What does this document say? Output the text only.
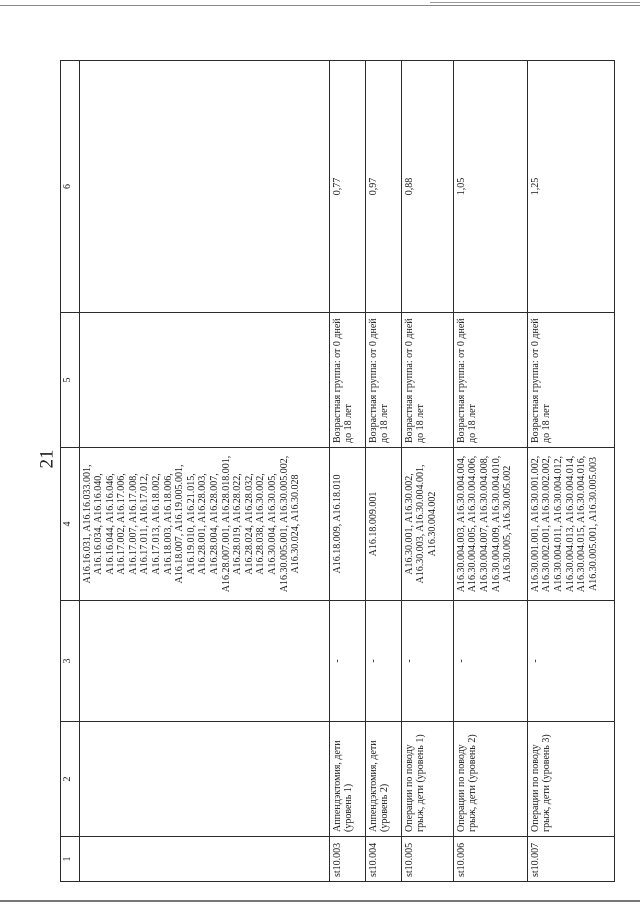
21
1	2	3	4	5	6
			A16.16.031, A16.16.033.001, A16.16.034, A16.16.040, A16.16.044, A16.16.046, A16.17.002, A16.17.006, A16.17.007, A16.17.008, A16.17.011, A16.17.012, A16.17.013, A16.18.002, A16.18.003, A16.18.006, A16.18.007, A16.19.005.001, A16.19.010, A16.21.015, A16.28.001, A16.28.003, A16.28.004, A16.28.007, A16.28.007.001, A16.28.018.001, A16.28.019, A16.28.022, A16.28.024, A16.28.032, A16.28.038, A16.30.002, A16.30.004, A16.30.005, A16.30.005.001, A16.30.005.002, A16.30.024, A16.30.028		
st10.003	Аппендэктомия, дети (уровень 1)	-	A16.18.009, A16.18.010	Возрастная группа: от 0 дней до 18 лет	0,77
st10.004	Аппендэктомия, дети (уровень 2)	-	A16.18.009.001	Возрастная группа: от 0 дней до 18 лет	0,97
st10.005	Операции по поводу грыж, дети (уровень 1)	-	A16.30.001, A16.30.002, A16.30.003, A16.30.004.001, A16.30.004.002	Возрастная группа: от 0 дней до 18 лет	0,88
st10.006	Операции по поводу грыж, дети (уровень 2)	-	A16.30.004.003, A16.30.004.004, A16.30.004.005, A16.30.004.006, A16.30.004.007, A16.30.004.008, A16.30.004.009, A16.30.004.010, A16.30.005, A16.30.005.002	Возрастная группа: от 0 дней до 18 лет	1,05
st10.007	Операции по поводу грыж, дети (уровень 3)	-	A16.30.001.001, A16.30.001.002, A16.30.002.001, A16.30.002.002, A16.30.004.011, A16.30.004.012, A16.30.004.013, A16.30.004.014, A16.30.004.015, A16.30.004.016, A16.30.005.001, A16.30.005.003	Возрастная группа: от 0 дней до 18 лет	1,25
